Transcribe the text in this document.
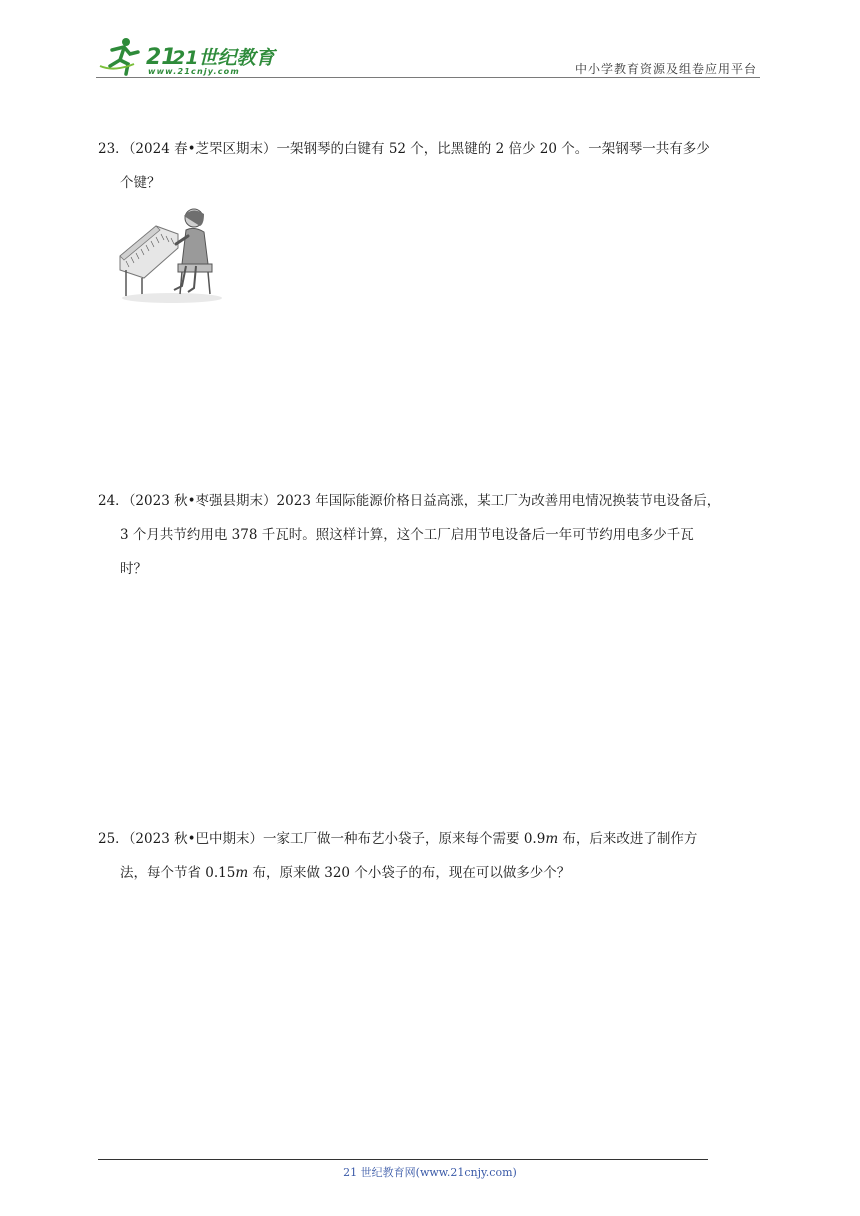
21
21世纪教育
www.21cnjy.com	中小学教育资源及组卷应用平台
23．（2024 春•芝罘区期末）一架钢琴的白键有 52 个，比黑键的 2 倍少 20 个。一架钢琴一共有多少
个键？
24．（2023 秋•枣强县期末）2023 年国际能源价格日益高涨，某工厂为改善用电情况换装节电设备后，
3 个月共节约用电 378 千瓦时。照这样计算，这个工厂启用节电设备后一年可节约用电多少千瓦
时？
25．（2023 秋•巴中期末）一家工厂做一种布艺小袋子，原来每个需要 0.9m 布，后来改进了制作方
法，每个节省 0.15m 布，原来做 320 个小袋子的布，现在可以做多少个？
21 世纪教育网(www.21cnjy.com)
